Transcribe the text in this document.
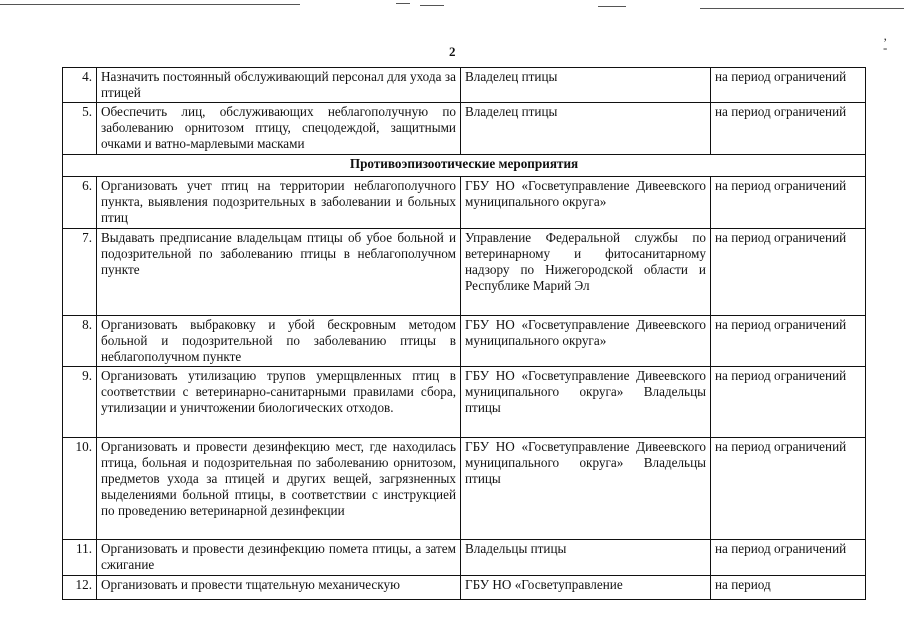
‚
-
2
4.	Назначить постоянный обслуживающий персонал для ухода за птицей	Владелец птицы	на период ограничений
5.	Обеспечить лиц, обслуживающих неблагополучную по заболеванию орнитозом птицу, спецодеждой, защитными очками и ватно-марлевыми масками	Владелец птицы	на период ограничений
Противоэпизоотические мероприятия			
6.	Организовать учет птиц на территории неблагополучного пункта, выявления подозрительных в заболевании и больных птиц	ГБУ НО «Госветуправление Дивеевского муниципального округа»	на период ограничений
7.	Выдавать предписание владельцам птицы об убое больной и подозрительной по заболеванию птицы в неблагополучном пункте	Управление Федеральной службы по ветеринарному и фитосанитарному надзору по Нижегородской области и Республике Марий Эл	на период ограничений
8.	Организовать выбраковку и убой бескровным методом больной и подозрительной по заболеванию птицы в неблагополучном пункте	ГБУ НО «Госветуправление Дивеевского муниципального округа»	на период ограничений
9.	Организовать утилизацию трупов умерщвленных птиц в соответствии с ветеринарно-санитарными правилами сбора, утилизации и уничтожении биологических отходов.	ГБУ НО «Госветуправление Дивеевского муниципального округа» Владельцы птицы	на период ограничений
10.	Организовать и провести дезинфекцию мест, где находилась птица, больная и подозрительная по заболеванию орнитозом, предметов ухода за птицей и других вещей, загрязненных выделениями больной птицы, в соответствии с инструкцией по проведению ветеринарной дезинфекции	ГБУ НО «Госветуправление Дивеевского муниципального округа» Владельцы птицы	на период ограничений
11.	Организовать и провести дезинфекцию помета птицы, а затем сжигание	Владельцы птицы	на период ограничений
12.	Организовать и провести тщательную механическую	ГБУ НО «Госветуправление	на период
